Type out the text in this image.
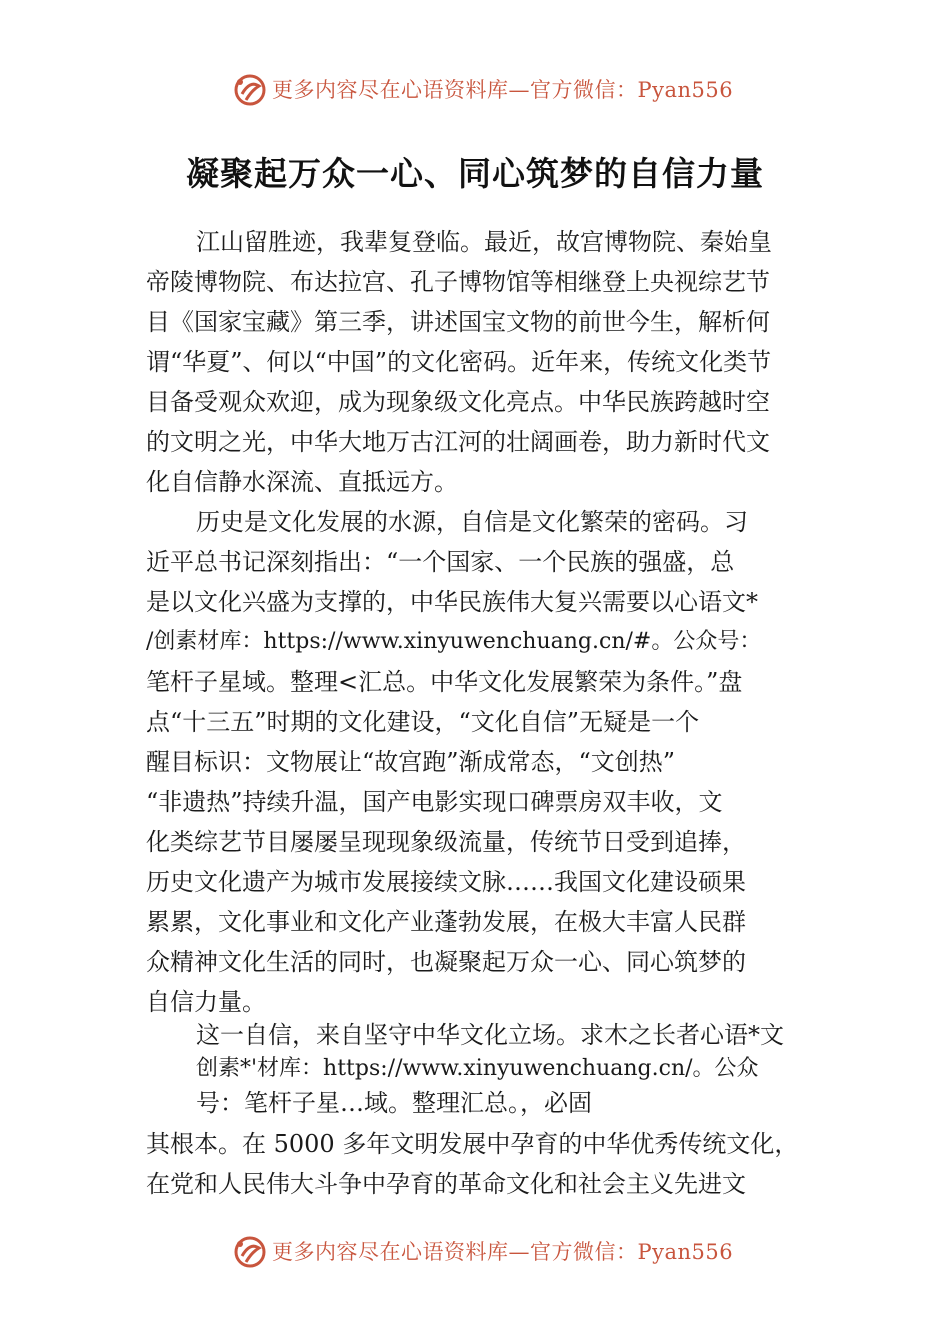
更多内容尽在心语资料库—官方微信：Pyan556
凝聚起万众一心、同心筑梦的自信力量
江山留胜迹，我辈复登临。最近，故宫博物院、秦始皇
帝陵博物院、布达拉宫、孔子博物馆等相继登上央视综艺节
目《国家宝藏》第三季，讲述国宝文物的前世今生，解析何
谓“华夏”、何以“中国”的文化密码。近年来，传统文化类节
目备受观众欢迎，成为现象级文化亮点。中华民族跨越时空
的文明之光，中华大地万古江河的壮阔画卷，助力新时代文
化自信静水深流、直抵远方。
历史是文化发展的水源，自信是文化繁荣的密码。习
近平总书记深刻指出：“一个国家、一个民族的强盛，总
是以文化兴盛为支撑的，中华民族伟大复兴需要以心语文*
/创素材库：https://www.xinyuwenchuang.cn/#。公众号：
笔杆子星域。整理<汇总。中华文化发展繁荣为条件。”盘
点“十三五”时期的文化建设，“文化自信”无疑是一个
醒目标识：文物展让“故宫跑”渐成常态，“文创热”
“非遗热”持续升温，国产电影实现口碑票房双丰收，文
化类综艺节目屡屡呈现现象级流量，传统节日受到追捧，
历史文化遗产为城市发展接续文脉……我国文化建设硕果
累累，文化事业和文化产业蓬勃发展，在极大丰富人民群
众精神文化生活的同时，也凝聚起万众一心、同心筑梦的
自信力量。
这一自信，来自坚守中华文化立场。求木之长者心语*文
创素*'材库：https://www.xinyuwenchuang.cn/。公众
号：笔杆子星…域。整理汇总。，必固
其根本。在 5000 多年文明发展中孕育的中华优秀传统文化，
在党和人民伟大斗争中孕育的革命文化和社会主义先进文
更多内容尽在心语资料库—官方微信：Pyan556
